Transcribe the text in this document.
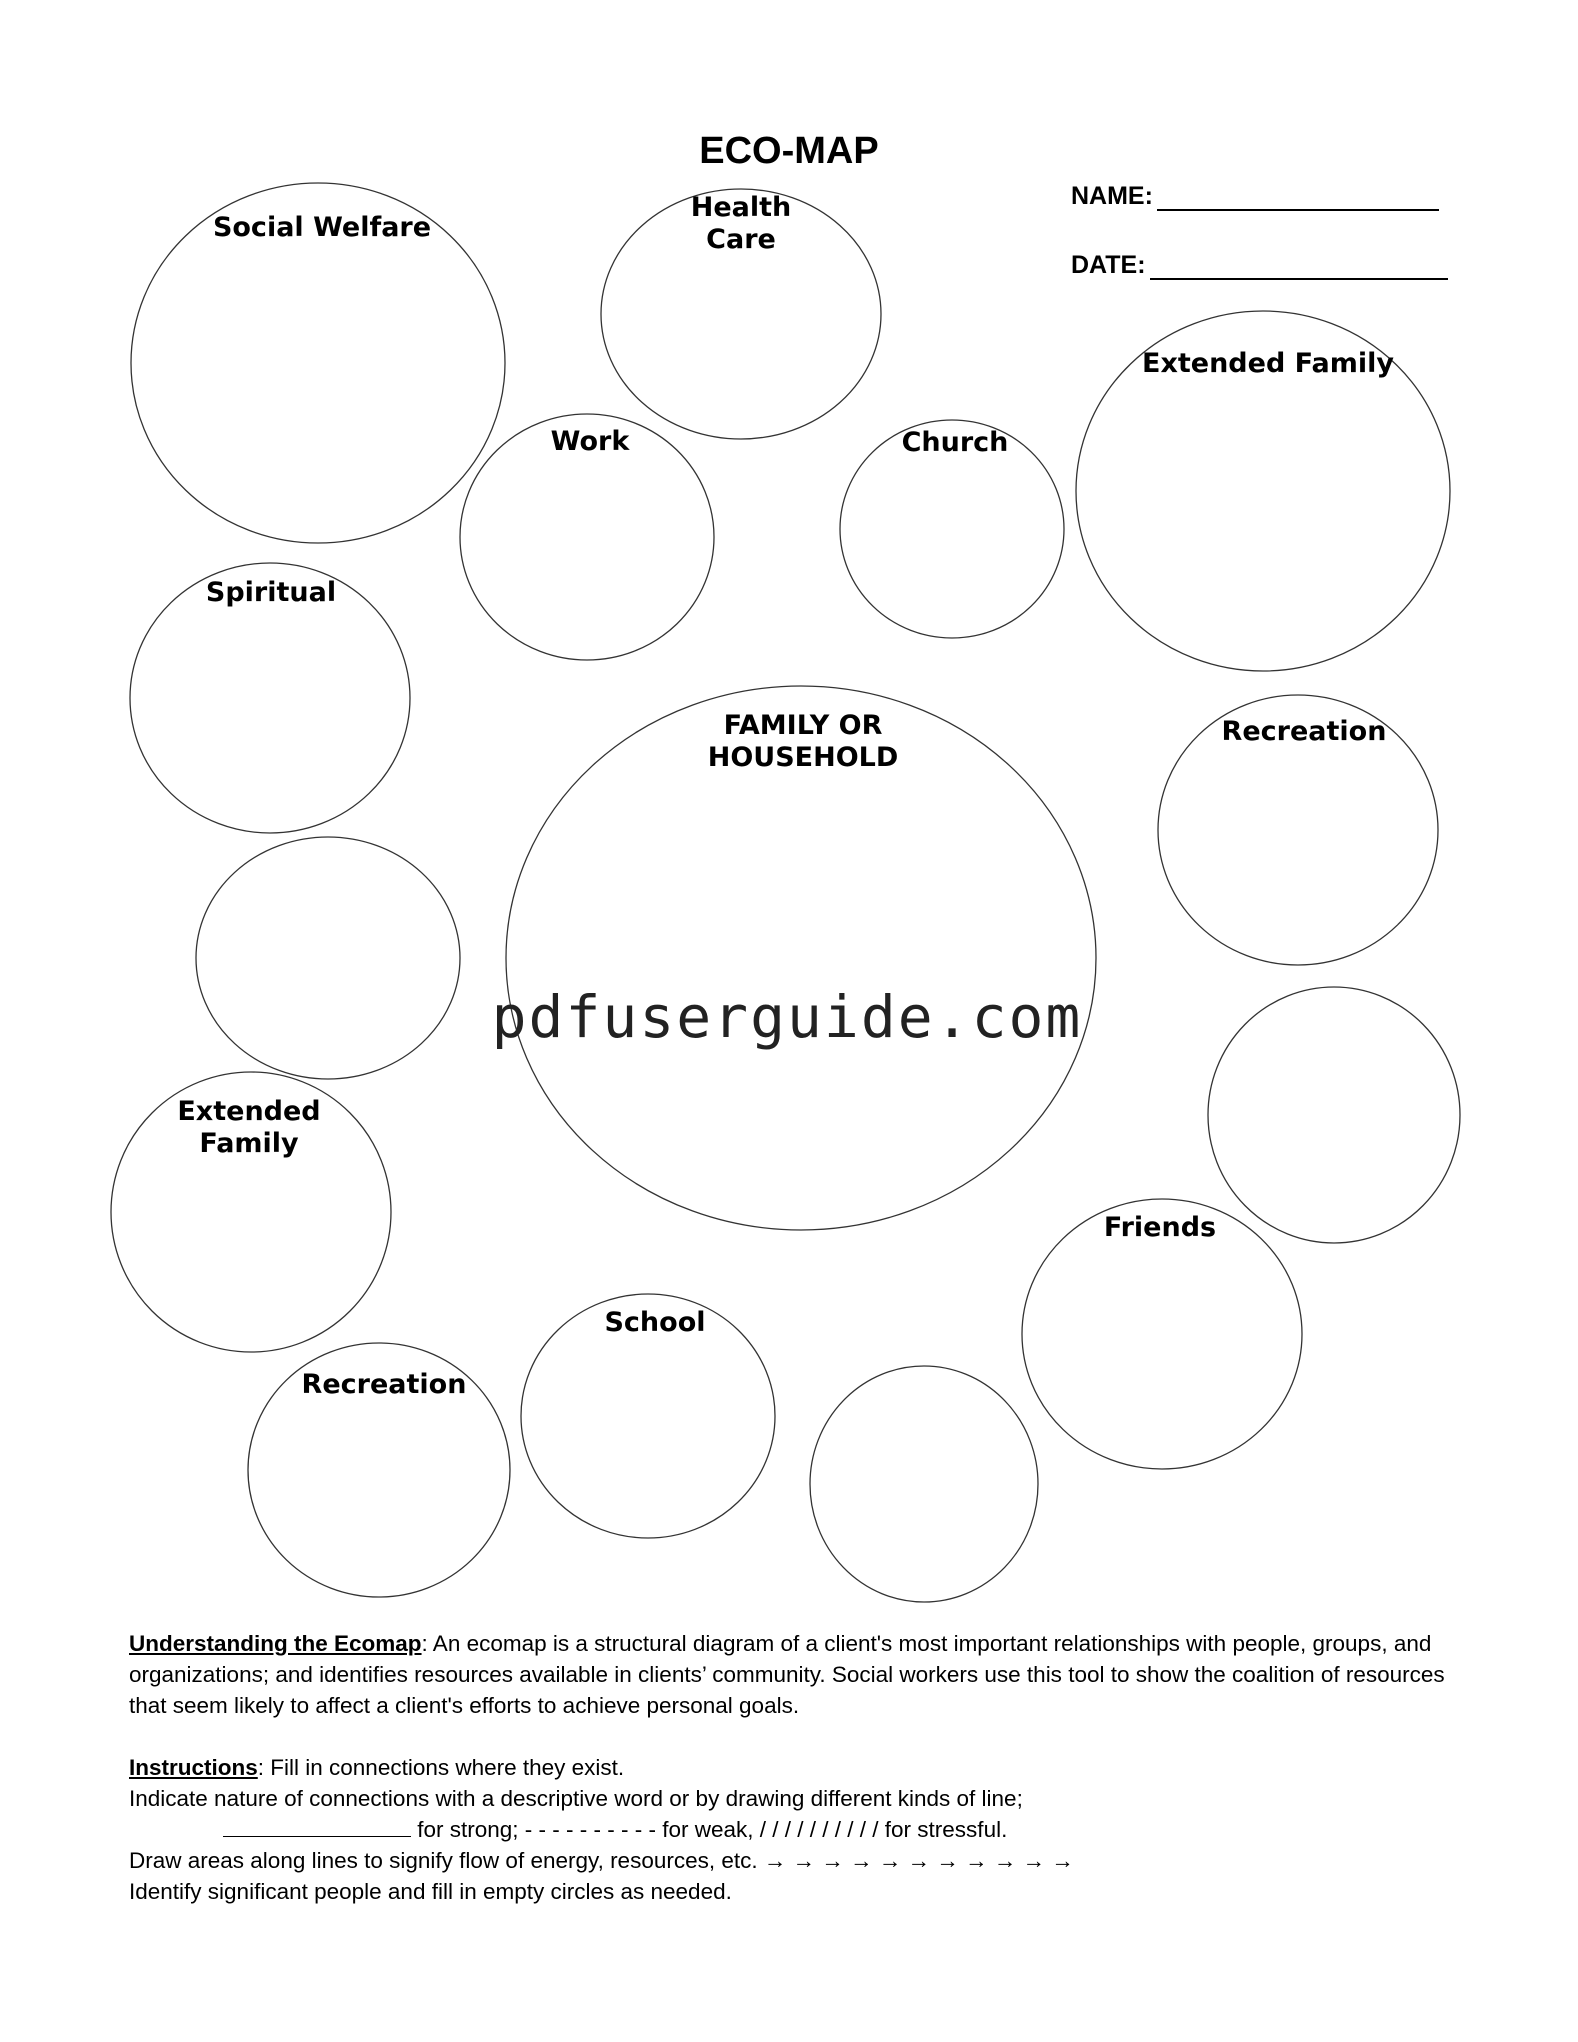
ECO-MAP
NAME:
DATE:
Social Welfare
Health Care
Extended Family
Work	Church
Spiritual
FAMILY OR HOUSEHOLD
Recreation
Extended Family
Friends
School
Recreation
pdfuserguide.com
Understanding the Ecomap: An ecomap is a structural diagram of a client's most important relationships with people, groups, and organizations; and identifies resources available in clients’ community. Social workers use this tool to show the coalition of resources that seem likely to affect a client's efforts to achieve personal goals.
Instructions: Fill in connections where they exist.
Indicate nature of connections with a descriptive word or by drawing different kinds of line;
for strong; - - - - - - - - - - for weak, / / / / / / / / / / for stressful.
Draw areas along lines to signify flow of energy, resources, etc. → → → → → → → → → → →
Identify significant people and fill in empty circles as needed.
